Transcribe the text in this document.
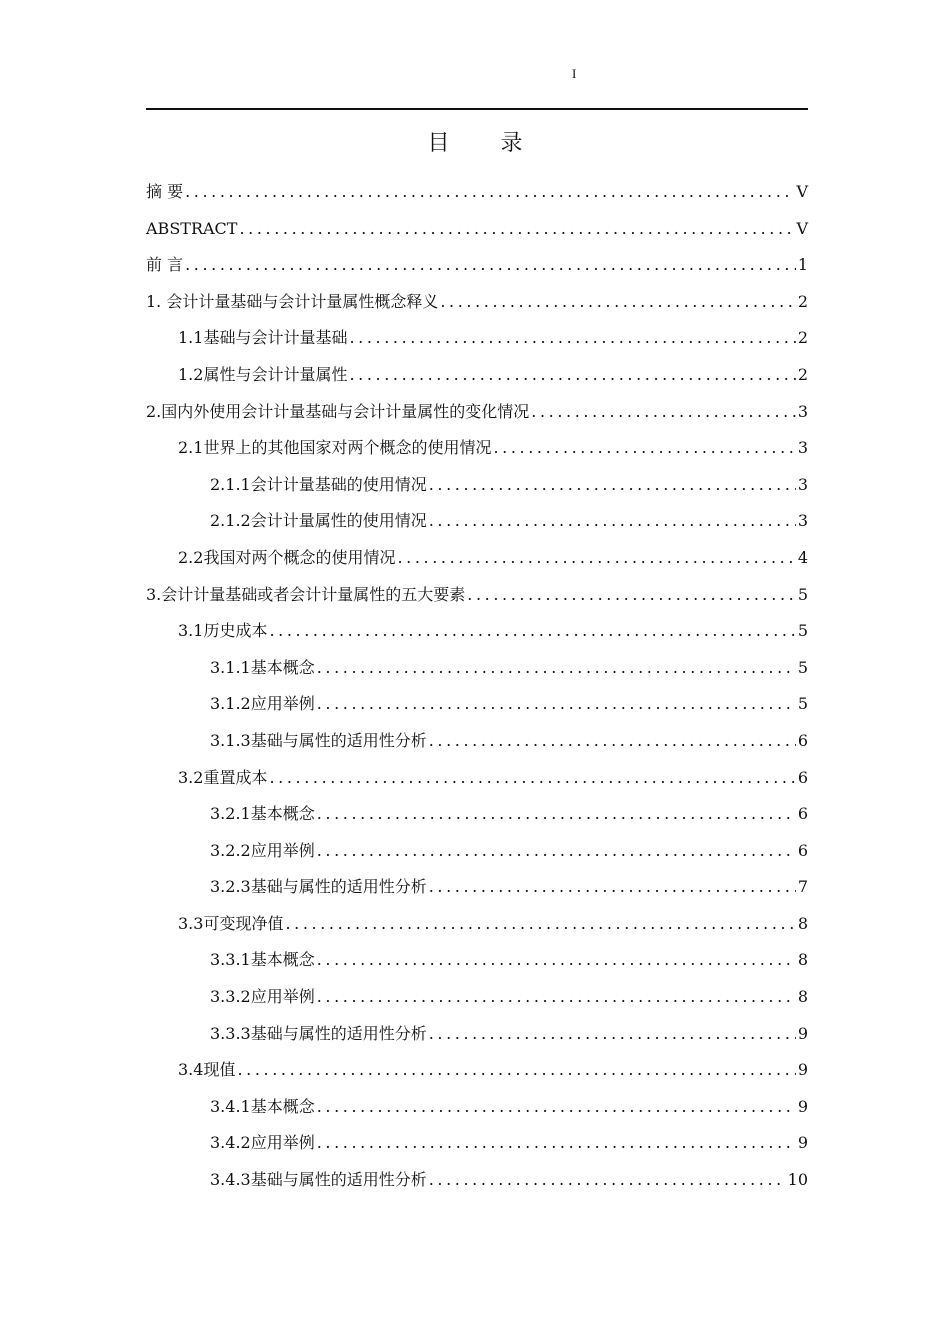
I
目 录
摘 要 .....	V
ABSTRACT .....	V
前 言 .....	1
1. 会计计量基础与会计计量属性概念释义 .....	2
1.1基础与会计计量基础 .....	2
1.2属性与会计计量属性 .....	2
2.国内外使用会计计量基础与会计计量属性的变化情况 .....	3
2.1世界上的其他国家对两个概念的使用情况 .....	3
2.1.1会计计量基础的使用情况 .....	3
2.1.2会计计量属性的使用情况 .....	3
2.2我国对两个概念的使用情况 .....	4
3.会计计量基础或者会计计量属性的五大要素 .....	5
3.1历史成本 .....	5
3.1.1基本概念 .....	5
3.1.2应用举例 .....	5
3.1.3基础与属性的适用性分析 .....	6
3.2重置成本 .....	6
3.2.1基本概念 .....	6
3.2.2应用举例 .....	6
3.2.3基础与属性的适用性分析 .....	7
3.3可变现净值 .....	8
3.3.1基本概念 .....	8
3.3.2应用举例 .....	8
3.3.3基础与属性的适用性分析 .....	9
3.4现值 .....	9
3.4.1基本概念 .....	9
3.4.2应用举例 .....	9
3.4.3基础与属性的适用性分析 .....	10
